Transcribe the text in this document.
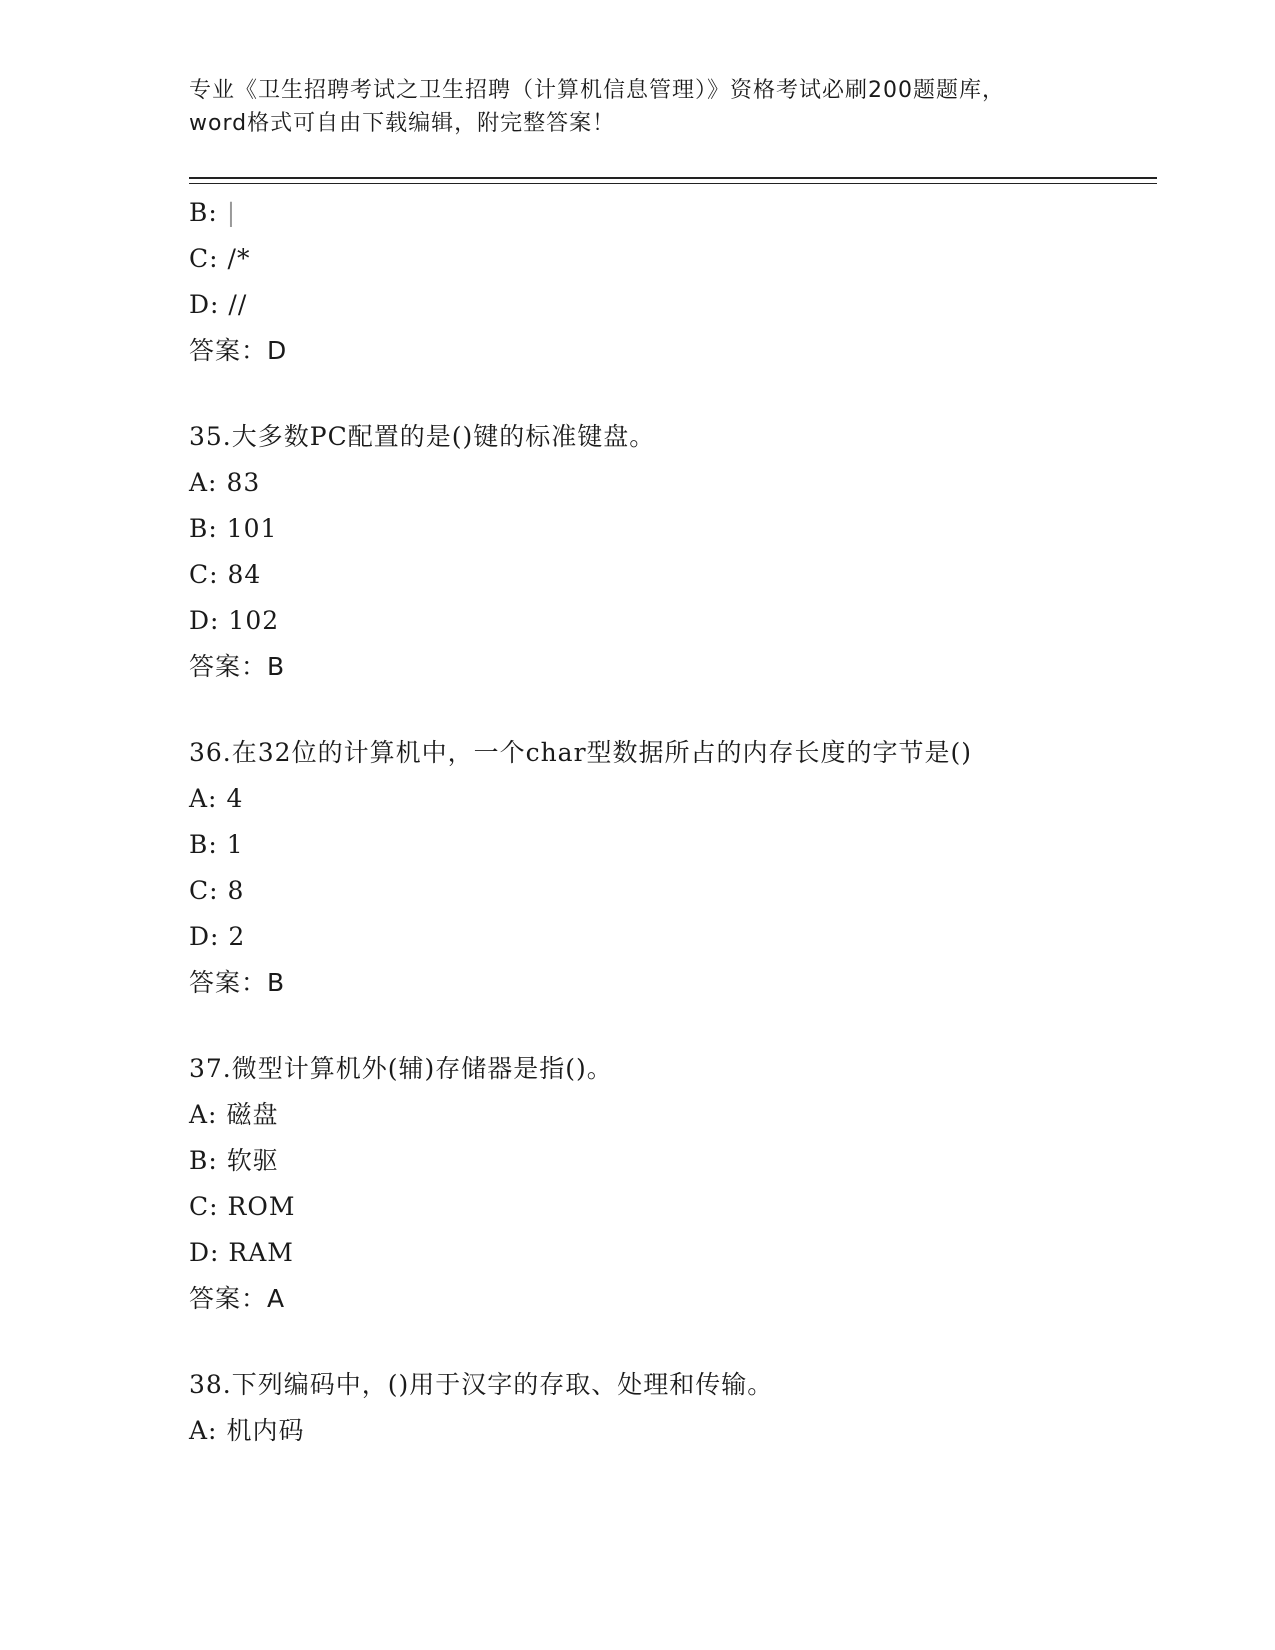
专业《卫生招聘考试之卫生招聘（计算机信息管理）》资格考试必刷200题题库，
word格式可自由下载编辑，附完整答案！
B: |
C: /*
D: //
答案：D
35.大多数PC配置的是()键的标准键盘。
A: 83
B: 101
C: 84
D: 102
答案：B
36.在32位的计算机中，一个char型数据所占的内存长度的字节是()
A: 4
B: 1
C: 8
D: 2
答案：B
37.微型计算机外(辅)存储器是指()。
A: 磁盘
B: 软驱
C: ROM
D: RAM
答案：A
38.下列编码中，()用于汉字的存取、处理和传输。
A: 机内码
